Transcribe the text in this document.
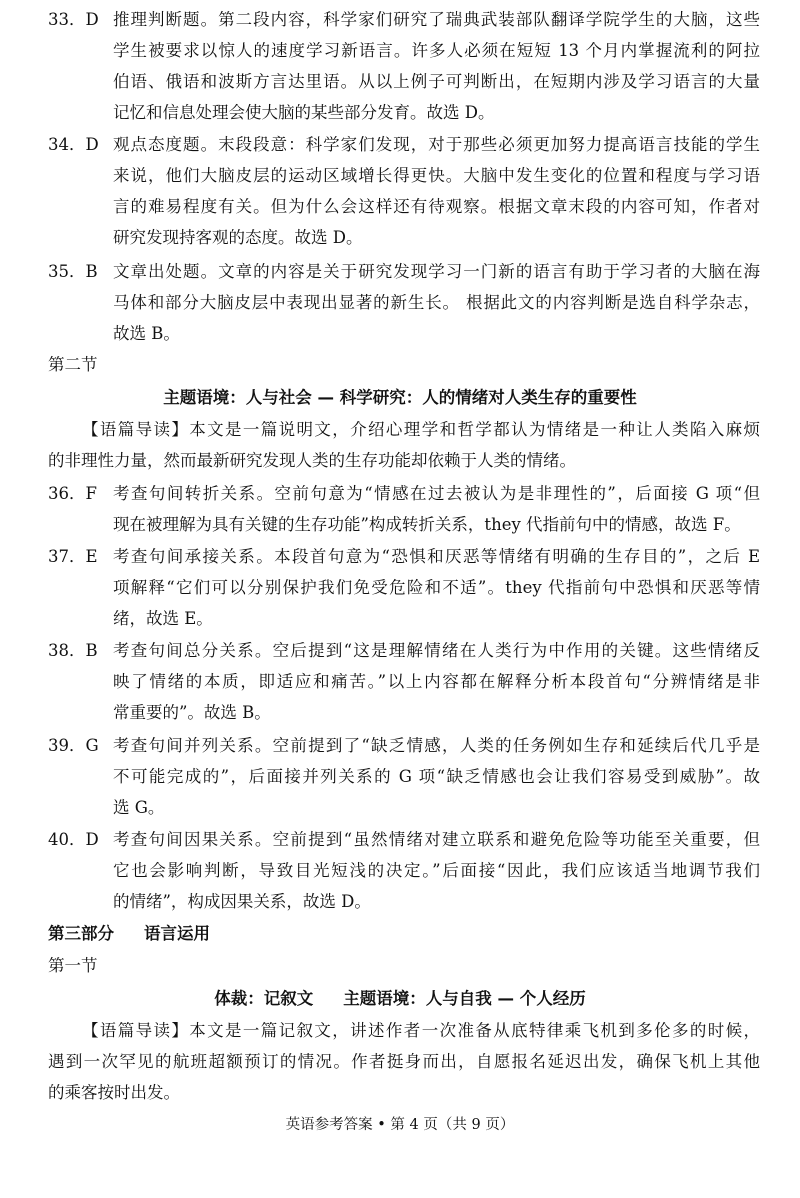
33．D 推理判断题。第二段内容，科学家们研究了瑞典武装部队翻译学院学生的大脑，这些
学生被要求以惊人的速度学习新语言。许多人必须在短短 13 个月内掌握流利的阿拉
伯语、俄语和波斯方言达里语。从以上例子可判断出，在短期内涉及学习语言的大量
记忆和信息处理会使大脑的某些部分发育。故选 D。
34．D 观点态度题。末段段意：科学家们发现，对于那些必须更加努力提高语言技能的学生
来说，他们大脑皮层的运动区域增长得更快。大脑中发生变化的位置和程度与学习语
言的难易程度有关。但为什么会这样还有待观察。根据文章末段的内容可知，作者对
研究发现持客观的态度。故选 D。
35．B 文章出处题。文章的内容是关于研究发现学习一门新的语言有助于学习者的大脑在海
马体和部分大脑皮层中表现出显著的新生长。 根据此文的内容判断是选自科学杂志，
故选 B。
第二节
主题语境：人与社会 — 科学研究：人的情绪对人类生存的重要性
【语篇导读】本文是一篇说明文，介绍心理学和哲学都认为情绪是一种让人类陷入麻烦
的非理性力量，然而最新研究发现人类的生存功能却依赖于人类的情绪。
36．F 考查句间转折关系。空前句意为“情感在过去被认为是非理性的”，后面接 G 项“但
现在被理解为具有关键的生存功能”构成转折关系，they 代指前句中的情感，故选 F。
37．E 考查句间承接关系。本段首句意为“恐惧和厌恶等情绪有明确的生存目的”，之后 E
项解释“它们可以分别保护我们免受危险和不适”。they 代指前句中恐惧和厌恶等情
绪，故选 E。
38．B 考查句间总分关系。空后提到“这是理解情绪在人类行为中作用的关键。这些情绪反
映了情绪的本质，即适应和痛苦。”以上内容都在解释分析本段首句“分辨情绪是非
常重要的”。故选 B。
39．G 考查句间并列关系。空前提到了“缺乏情感，人类的任务例如生存和延续后代几乎是
不可能完成的”，后面接并列关系的 G 项“缺乏情感也会让我们容易受到威胁”。故
选 G。
40．D 考查句间因果关系。空前提到“虽然情绪对建立联系和避免危险等功能至关重要，但
它也会影响判断，导致目光短浅的决定。”后面接“因此，我们应该适当地调节我们
的情绪”，构成因果关系，故选 D。
第三部分 语言运用
第一节
体裁：记叙文 主题语境：人与自我 — 个人经历
【语篇导读】本文是一篇记叙文，讲述作者一次准备从底特律乘飞机到多伦多的时候，
遇到一次罕见的航班超额预订的情况。作者挺身而出，自愿报名延迟出发，确保飞机上其他
的乘客按时出发。
英语参考答案 • 第 4 页（共 9 页）
